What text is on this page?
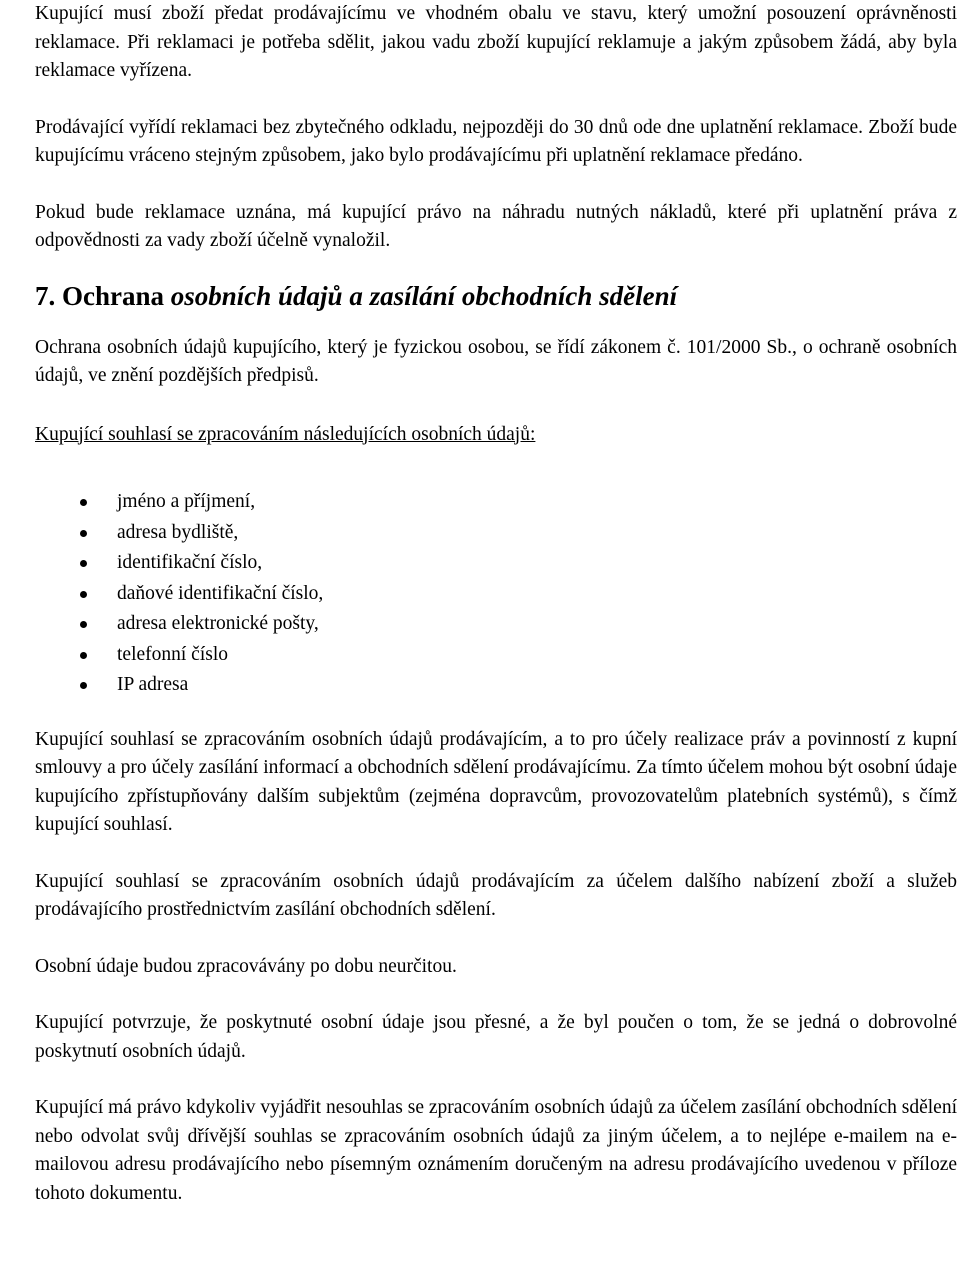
Kupující musí zboží předat prodávajícímu ve vhodném obalu ve stavu, který umožní posouzení oprávněnosti reklamace. Při reklamaci je potřeba sdělit, jakou vadu zboží kupující reklamuje a jakým způsobem žádá, aby byla reklamace vyřízena.

Prodávající vyřídí reklamaci bez zbytečného odkladu, nejpozději do 30 dnů ode dne uplatnění reklamace. Zboží bude kupujícímu vráceno stejným způsobem, jako bylo prodávajícímu při uplatnění reklamace předáno.

Pokud bude reklamace uznána, má kupující právo na náhradu nutných nákladů, které při uplatnění práva z odpovědnosti za vady zboží účelně vynaložil.

7. Ochrana osobních údajů a zasílání obchodních sdělení

Ochrana osobních údajů kupujícího, který je fyzickou osobou, se řídí zákonem č. 101/2000 Sb., o ochraně osobních údajů, ve znění pozdějších předpisů.

Kupující souhlasí se zpracováním následujících osobních údajů:

jméno a příjmení,
adresa bydliště,
identifikační číslo,
daňové identifikační číslo,
adresa elektronické pošty,
telefonní číslo
IP adresa

Kupující souhlasí se zpracováním osobních údajů prodávajícím, a to pro účely realizace práv a povinností z kupní smlouvy a pro účely zasílání informací a obchodních sdělení prodávajícímu. Za tímto účelem mohou být osobní údaje kupujícího zpřístupňovány dalším subjektům (zejména dopravcům, provozovatelům platebních systémů), s čímž kupující souhlasí.

Kupující souhlasí se zpracováním osobních údajů prodávajícím za účelem dalšího nabízení zboží a služeb prodávajícího prostřednictvím zasílání obchodních sdělení.

Osobní údaje budou zpracovávány po dobu neurčitou.

Kupující potvrzuje, že poskytnuté osobní údaje jsou přesné, a že byl poučen o tom, že se jedná o dobrovolné poskytnutí osobních údajů.

Kupující má právo kdykoliv vyjádřit nesouhlas se zpracováním osobních údajů za účelem zasílání obchodních sdělení nebo odvolat svůj dřívější souhlas se zpracováním osobních údajů za jiným účelem, a to nejlépe e-mailem na e-mailovou adresu prodávajícího nebo písemným oznámením doručeným na adresu prodávajícího uvedenou v příloze tohoto dokumentu.
